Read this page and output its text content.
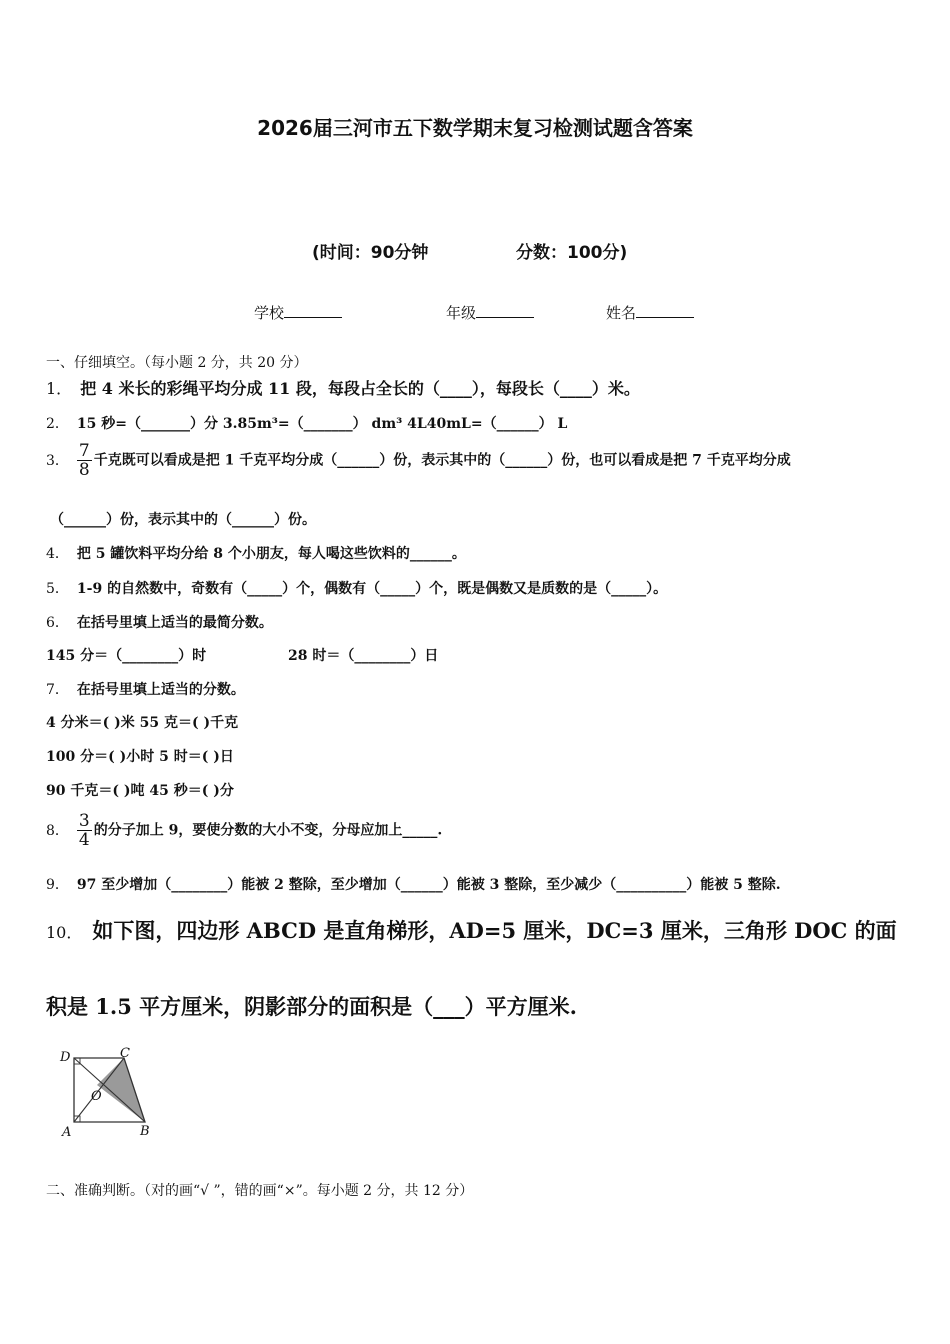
2026届三河市五下数学期末复习检测试题含答案
(时间：90分钟	分数：100分)
学校	年级	姓名
一、仔细填空。（每小题 2 分，共 20 分）
1． 把 4 米长的彩绳平均分成 11 段，每段占全长的（____），每段长（____）米。
2． 15 秒=（_______）分 3.85m³=（_______） dm³ 4L40mL=（______） L
3． $\frac{7}{8}$ 千克既可以看成是把 1 千克平均分成（______）份，表示其中的（______）份，也可以看成是把 7 千克平均分成
（______）份，表示其中的（______）份。
4． 把 5 罐饮料平均分给 8 个小朋友，每人喝这些饮料的______。
5． 1-9 的自然数中，奇数有（_____）个，偶数有（_____）个，既是偶数又是质数的是（_____）。
6． 在括号里填上适当的最简分数。
145 分＝（________）时	28 时＝（________）日
7． 在括号里填上适当的分数。
4 分米＝( )米 55 克＝( )千克
100 分＝( )小时 5 时＝( )日
90 千克＝( )吨 45 秒＝( )分
8． $\frac{3}{4}$ 的分子加上 9，要使分数的大小不变，分母应加上_____.
9． 97 至少增加（________）能被 2 整除，至少增加（______）能被 3 整除，至少减少（__________）能被 5 整除.
10． 如下图，四边形 ABCD 是直角梯形，AD=5 厘米，DC=3 厘米，三角形 DOC 的面
积是 1.5 平方厘米，阴影部分的面积是（___）平方厘米.
D	C
O
A	B
二、准确判断。（对的画“√ ”，错的画“×”。每小题 2 分，共 12 分）
